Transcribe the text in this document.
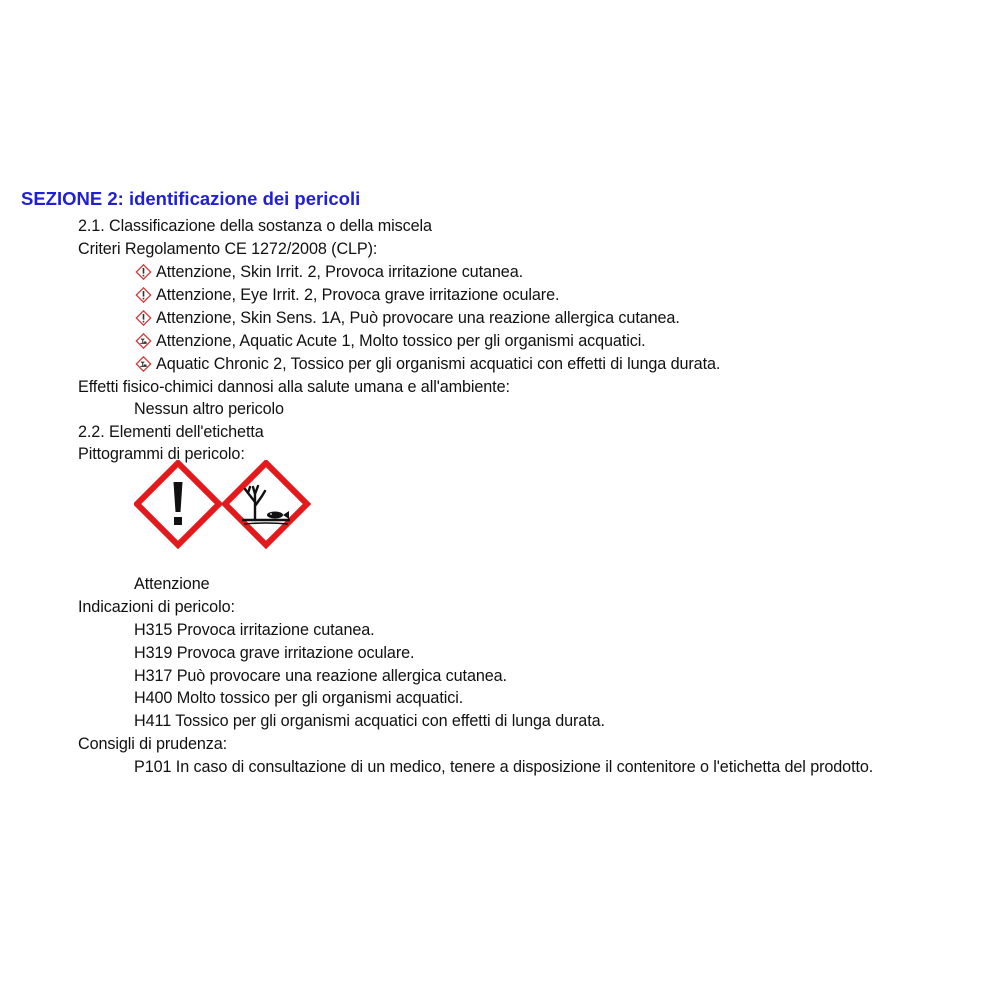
SEZIONE 2: identificazione dei pericoli
2.1. Classificazione della sostanza o della miscela
Criteri Regolamento CE 1272/2008 (CLP):
Attenzione, Skin Irrit. 2, Provoca irritazione cutanea.
Attenzione, Eye Irrit. 2, Provoca grave irritazione oculare.
Attenzione, Skin Sens. 1A, Può provocare una reazione allergica cutanea.
Attenzione, Aquatic Acute 1, Molto tossico per gli organismi acquatici.
Aquatic Chronic 2, Tossico per gli organismi acquatici con effetti di lunga durata.
Effetti fisico-chimici dannosi alla salute umana e all'ambiente:
Nessun altro pericolo
2.2. Elementi dell'etichetta
Pittogrammi di pericolo:
Attenzione
Indicazioni di pericolo:
H315 Provoca irritazione cutanea.
H319 Provoca grave irritazione oculare.
H317 Può provocare una reazione allergica cutanea.
H400 Molto tossico per gli organismi acquatici.
H411 Tossico per gli organismi acquatici con effetti di lunga durata.
Consigli di prudenza:
P101 In caso di consultazione di un medico, tenere a disposizione il contenitore o l'etichetta del prodotto.
